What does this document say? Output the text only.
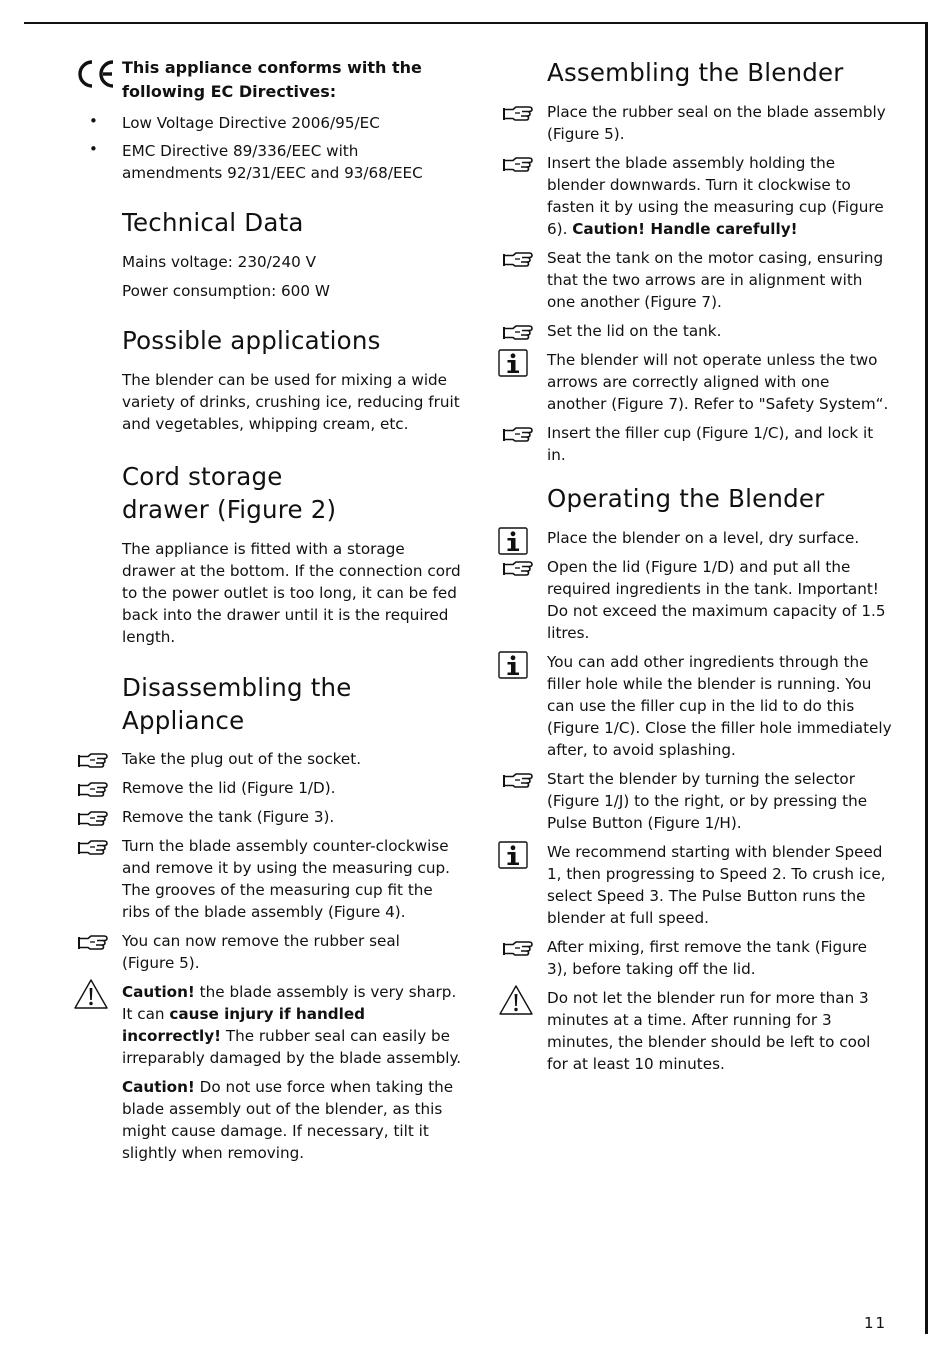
This appliance conforms with the following EC Directives:

• Low Voltage Directive 2006/95/EC

• EMC Directive 89/336/EEC with amendments 92/31/EEC and 93/68/EEC

Technical Data

Mains voltage: 230/240 V

Power consumption: 600 W

Possible applications

The blender can be used for mixing a wide variety of drinks, crushing ice, reducing fruit and vegetables, whipping cream, etc.

Cord storage drawer (Figure 2)

The appliance is fitted with a storage drawer at the bottom. If the connection cord to the power outlet is too long, it can be fed back into the drawer until it is the required length.

Disassembling the Appliance

Take the plug out of the socket.

Remove the lid (Figure 1/D).

Remove the tank (Figure 3).

Turn the blade assembly counter-clockwise and remove it by using the measuring cup. The grooves of the measuring cup fit the ribs of the blade assembly (Figure 4).

You can now remove the rubber seal (Figure 5).

Caution! the blade assembly is very sharp. It can cause injury if handled incorrectly! The rubber seal can easily be irreparably damaged by the blade assembly.

Caution! Do not use force when taking the blade assembly out of the blender, as this might cause damage. If necessary, tilt it slightly when removing.

Assembling the Blender

Place the rubber seal on the blade assembly (Figure 5).

Insert the blade assembly holding the blender downwards. Turn it clockwise to fasten it by using the measuring cup (Figure 6). Caution! Handle carefully!

Seat the tank on the motor casing, ensuring that the two arrows are in alignment with one another (Figure 7).

Set the lid on the tank.

The blender will not operate unless the two arrows are correctly aligned with one another (Figure 7). Refer to "Safety System“.

Insert the filler cup (Figure 1/C), and lock it in.

Operating the Blender

Place the blender on a level, dry surface.

Open the lid (Figure 1/D) and put all the required ingredients in the tank. Important! Do not exceed the maximum capacity of 1.5 litres.

You can add other ingredients through the filler hole while the blender is running. You can use the filler cup in the lid to do this (Figure 1/C). Close the filler hole immediately after, to avoid splashing.

Start the blender by turning the selector (Figure 1/J) to the right, or by pressing the Pulse Button (Figure 1/H).

We recommend starting with blender Speed 1, then progressing to Speed 2. To crush ice, select Speed 3. The Pulse Button runs the blender at full speed.

After mixing, first remove the tank (Figure 3), before taking off the lid.

Do not let the blender run for more than 3 minutes at a time. After running for 3 minutes, the blender should be left to cool for at least 10 minutes.

11
